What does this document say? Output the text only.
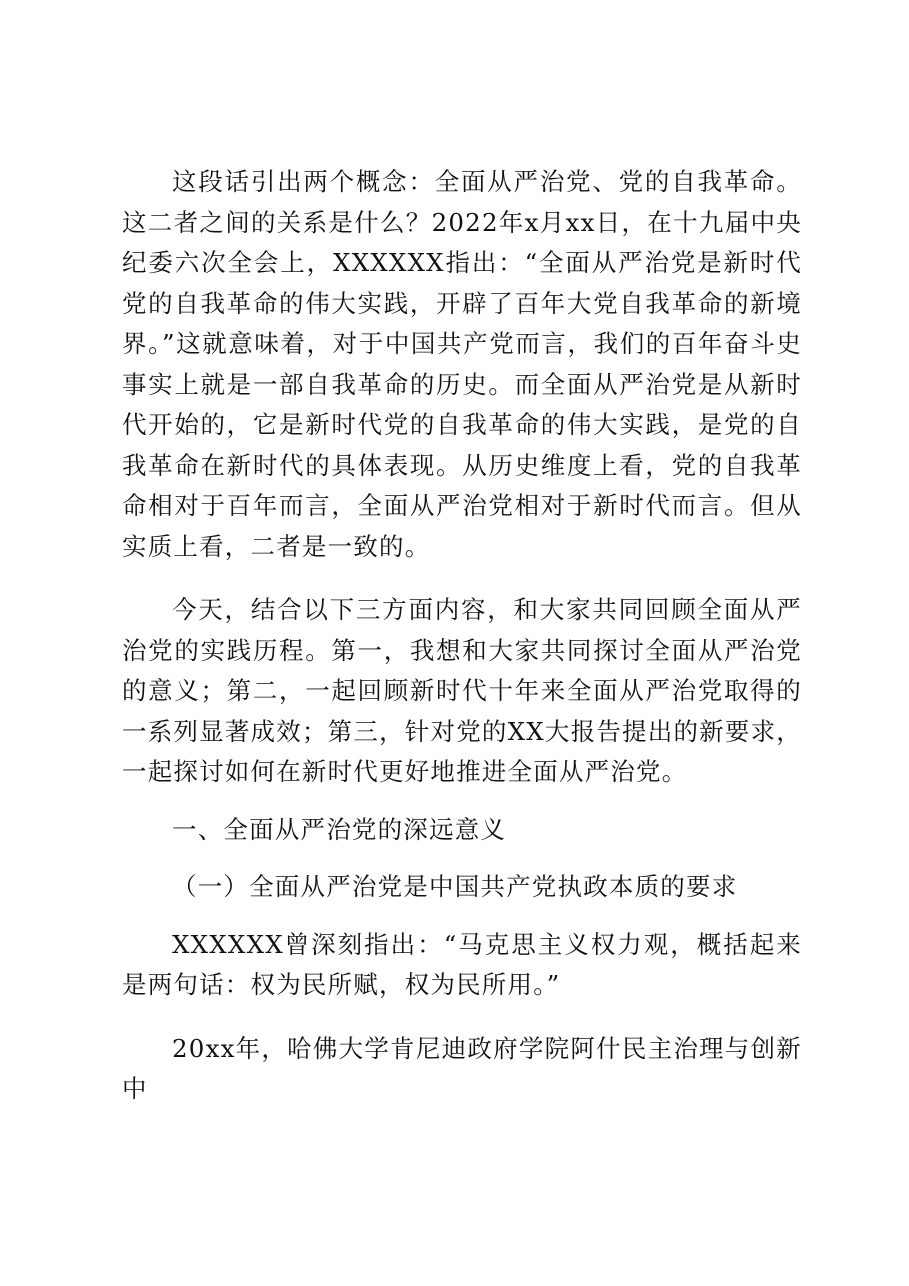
这段话引出两个概念：全面从严治党、党的自我革命。这二者之间的关系是什么？2022年x月xx日，在十九届中央纪委六次全会上，XXXXXX指出：“全面从严治党是新时代党的自我革命的伟大实践，开辟了百年大党自我革命的新境界。”这就意味着，对于中国共产党而言，我们的百年奋斗史事实上就是一部自我革命的历史。而全面从严治党是从新时代开始的，它是新时代党的自我革命的伟大实践，是党的自我革命在新时代的具体表现。从历史维度上看，党的自我革命相对于百年而言，全面从严治党相对于新时代而言。但从实质上看，二者是一致的。

今天，结合以下三方面内容，和大家共同回顾全面从严治党的实践历程。第一，我想和大家共同探讨全面从严治党的意义；第二，一起回顾新时代十年来全面从严治党取得的一系列显著成效；第三，针对党的XX大报告提出的新要求，一起探讨如何在新时代更好地推进全面从严治党。

一、全面从严治党的深远意义

（一）全面从严治党是中国共产党执政本质的要求

XXXXXX曾深刻指出：“马克思主义权力观，概括起来是两句话：权为民所赋，权为民所用。”

20xx年，哈佛大学肯尼迪政府学院阿什民主治理与创新中
